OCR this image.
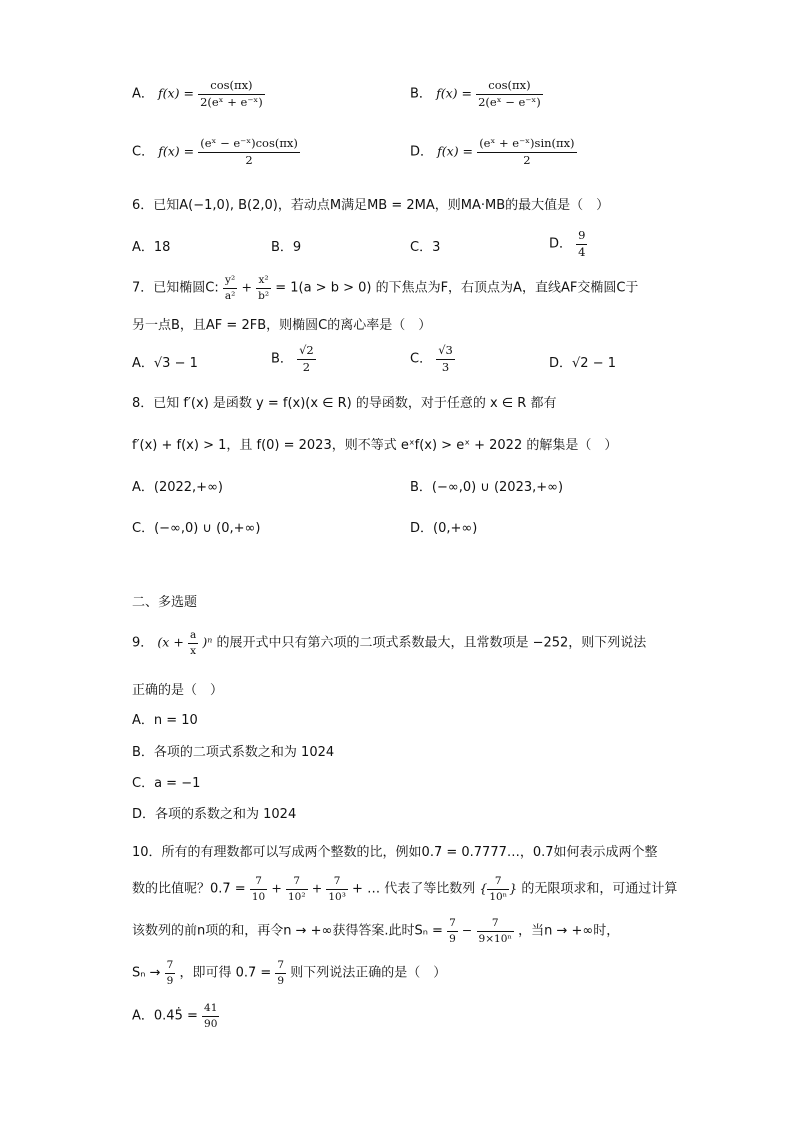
A． $f(x) = \frac{\cos(\pi x)}{\text{2(eˣ + e⁻ˣ)}}$	B． $f(x) = \frac{\cos(\pi x)}{\text{2(eˣ − e⁻ˣ)}}$
C． $f(x) = \frac{\text{(eˣ − e⁻ˣ)cos(πx)}}{2}$	D． $f(x) = \frac{\text{(eˣ + e⁻ˣ)sin(πx)}}{2}$
6．已知A(−1,0), B(2,0)，若动点M满足MB = 2MA，则MA·MB的最大值是（　）
A．18	B．9	C．3	D． $\frac{9}{4}$
7．已知椭圆C: $\frac{\text{y²}}{\text{a²}} + \frac{\text{x²}}{\text{b²}} = 1(a > b > 0)$ 的下焦点为F，右顶点为A，直线AF交椭圆C于
另一点B，且AF = 2FB，则椭圆C的离心率是（　）
A．√3 − 1	B． $\frac{√2}{2}$	C． $\frac{√3}{3}$	D．√2 − 1
8．已知 f′(x) 是函数 y = f(x)(x ∈ R) 的导函数，对于任意的 x ∈ R 都有
f′(x) + f(x) > 1，且 f(0) = 2023，则不等式 eˣf(x) > eˣ + 2022 的解集是（　）
A．(2022,+∞)	B．(−∞,0) ∪ (2023,+∞)
C．(−∞,0) ∪ (0,+∞)	D．(0,+∞)
二、多选题
9． $(x + \frac{a}{x} )^n$ 的展开式中只有第六项的二项式系数最大，且常数项是 −252，则下列说法
正确的是（　）
A．n = 10
B．各项的二项式系数之和为 1024
C．a = −1
D．各项的系数之和为 1024
10．所有的有理数都可以写成两个整数的比，例如0.7̇ = 0.7777…，0.7̇如何表示成两个整
数的比值呢？0.7̇ = $\frac{7}{10} + \frac{7}{\text{10²}} + \frac{7}{\text{10³}}$ + … 代表了等比数列 { $\frac{7}{\text{10ⁿ}}$ } 的无限项求和，可通过计算
该数列的前n项的和，再令n → +∞获得答案.此时$S_n = \frac{7}{9} - \frac{7}{\text{9×10ⁿ}}$ ，当n → +∞时，
$S_n \to \frac{7}{9}$ ，即可得 0.7̇ = $\frac{7}{9}$ 则下列说法正确的是（　）
A．0.45̇ = $\frac{41}{90}$
